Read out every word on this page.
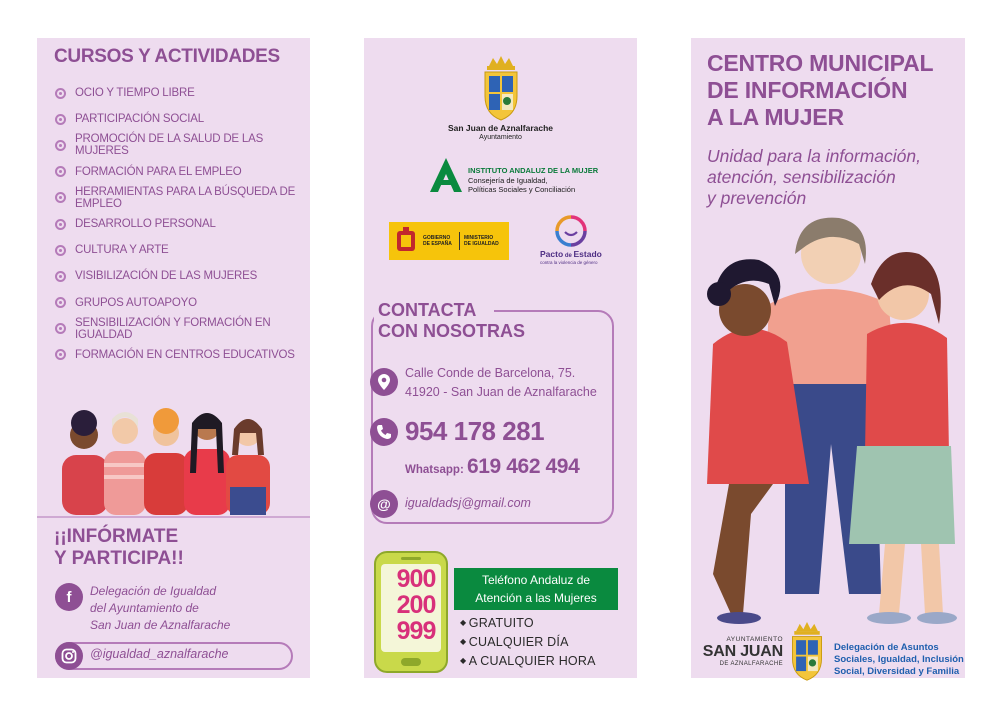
CURSOS Y ACTIVIDADES
OCIO Y TIEMPO LIBRE
PARTICIPACIÓN SOCIAL
PROMOCIÓN DE LA SALUD DE LAS MUJERES
FORMACIÓN PARA EL EMPLEO
HERRAMIENTAS PARA LA BÚSQUEDA DE EMPLEO
DESARROLLO PERSONAL
CULTURA Y ARTE
VISIBILIZACIÓN DE LAS MUJERES
GRUPOS AUTOAPOYO
SENSIBILIZACIÓN Y FORMACIÓN EN IGUALDAD
FORMACIÓN EN CENTROS EDUCATIVOS
¡¡INFÓRMATE
Y PARTICIPA!!
f	Delegación de Igualdad
del Ayuntamiento de
San Juan de Aznalfarache
@igualdad_aznalfarache
San Juan de Aznalfarache
Ayuntamiento
INSTITUTO ANDALUZ DE LA MUJER
Consejería de Igualdad,
Políticas Sociales y Conciliación
GOBIERNO
DE ESPAÑA
MINISTERIO
DE IGUALDAD
Pacto de Estado
contra la violencia de género
CONTACTA
CON NOSOTRAS
Calle Conde de Barcelona, 75.
41920 - San Juan de Aznalfarache
954 178 281
Whatsapp: 619 462 494
@	igualdadsj@gmail.com
900
200
999
Teléfono Andaluz de
Atención a las Mujeres
◆ GRATUITO
◆ CUALQUIER DÍA
◆ A CUALQUIER HORA
CENTRO MUNICIPAL
DE INFORMACIÓN
A LA MUJER
Unidad para la información,
atención, sensibilización
y prevención
AYUNTAMIENTO
SAN JUAN
DE AZNALFARACHE
Delegación de Asuntos
Sociales, Igualdad, Inclusión
Social, Diversidad y Familia
